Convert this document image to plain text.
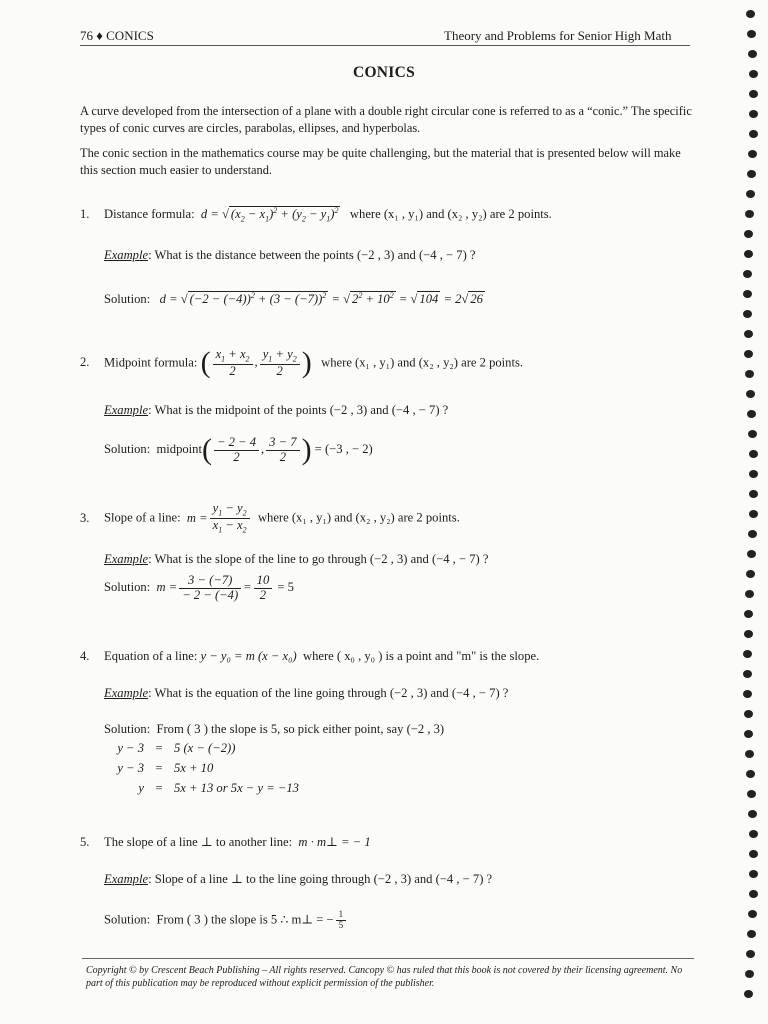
76 ♦ CONICS	Theory and Problems for Senior High Math
CONICS
A curve developed from the intersection of a plane with a double right circular cone is referred to as a “conic.” The specific types of conic curves are circles, parabolas, ellipses, and hyperbolas.
The conic section in the mathematics course may be quite challenging, but the material that is presented below will make this section much easier to understand.
1. Distance formula:  d = √ $(x_2 - x_1)^2 + (y_2 - y_1)^2$ where (x₁ , y₁) and (x₂ , y₂) are 2 points.
Example: What is the distance between the points (−2 , 3) and (−4 , − 7) ?
Solution:   d = √ $(-2 - (-4))^2 + (3 - (-7))^2$ = √ $2^2 + 10^2$ = √ 104 = 2√ 26
2. Midpoint formula: ( $\frac{x_1 + x_2}{2}$ , $\frac{y_1 + y_2}{2}$ ) where (x₁ , y₁) and (x₂ , y₂) are 2 points.
Example: What is the midpoint of the points (−2 , 3) and (−4 , − 7) ?
Solution: midpoint( $\frac{- 2 - 4}{2}$ , $\frac{3 - 7}{2}$ ) = (−3 , − 2)
3. Slope of a line:  $m = \frac{y_1 - y_2}{x_1 - x_2}$ where (x₁ , y₁) and (x₂ , y₂) are 2 points.
Example: What is the slope of the line to go through (−2 , 3) and (−4 , − 7) ?
Solution:  $m = \frac{3 - (-7)}{- 2 - (-4)} = \frac{10}{2} = 5$
4. Equation of a line: y − y₀ = m (x − x₀) where ( x₀ , y₀ ) is a point and "m" is the slope.
Example: What is the equation of the line going through (−2 , 3) and (−4 , − 7) ?
Solution: From ( 3 ) the slope is 5, so pick either point, say (−2 , 3)
y − 3 = 5 (x − (−2))
y − 3 = 5x + 10
y = 5x + 13 or 5x − y = −13
5. The slope of a line ⊥ to another line: m · m⊥ = − 1
Example: Slope of a line ⊥ to the line going through (−2 , 3) and (−4 , − 7) ?
Solution: From ( 3 ) the slope is 5 ∴ m⊥ = − $\frac{1}{5}$
Copyright © by Crescent Beach Publishing – All rights reserved. Cancopy © has ruled that this book is not covered by their licensing agreement. No part of this publication may be reproduced without explicit permission of the publisher.
